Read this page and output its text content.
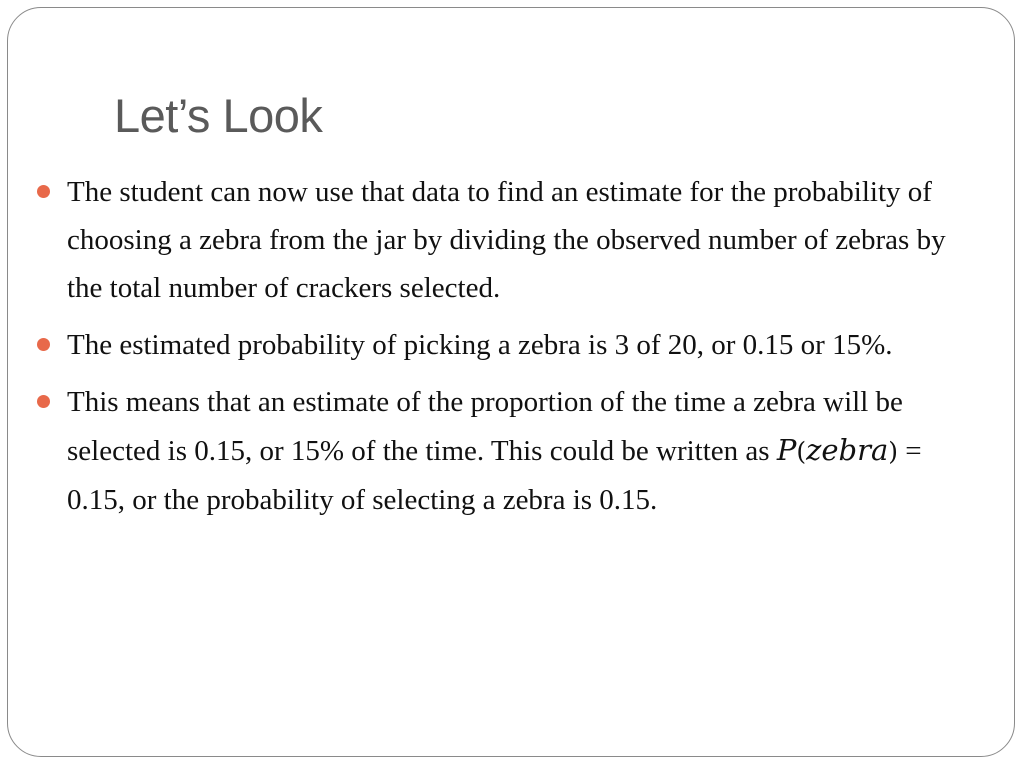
Let’s Look
The student can now use that data to find an estimate for the probability of choosing a zebra from the jar by dividing the observed number of zebras by the total number of crackers selected.
The estimated probability of picking a zebra is 3 of 20, or 0.15 or 15%.
This means that an estimate of the proportion of the time a zebra will be selected is 0.15, or 15% of the time. This could be written as P(zebra) = 0.15, or the probability of selecting a zebra is 0.15.
